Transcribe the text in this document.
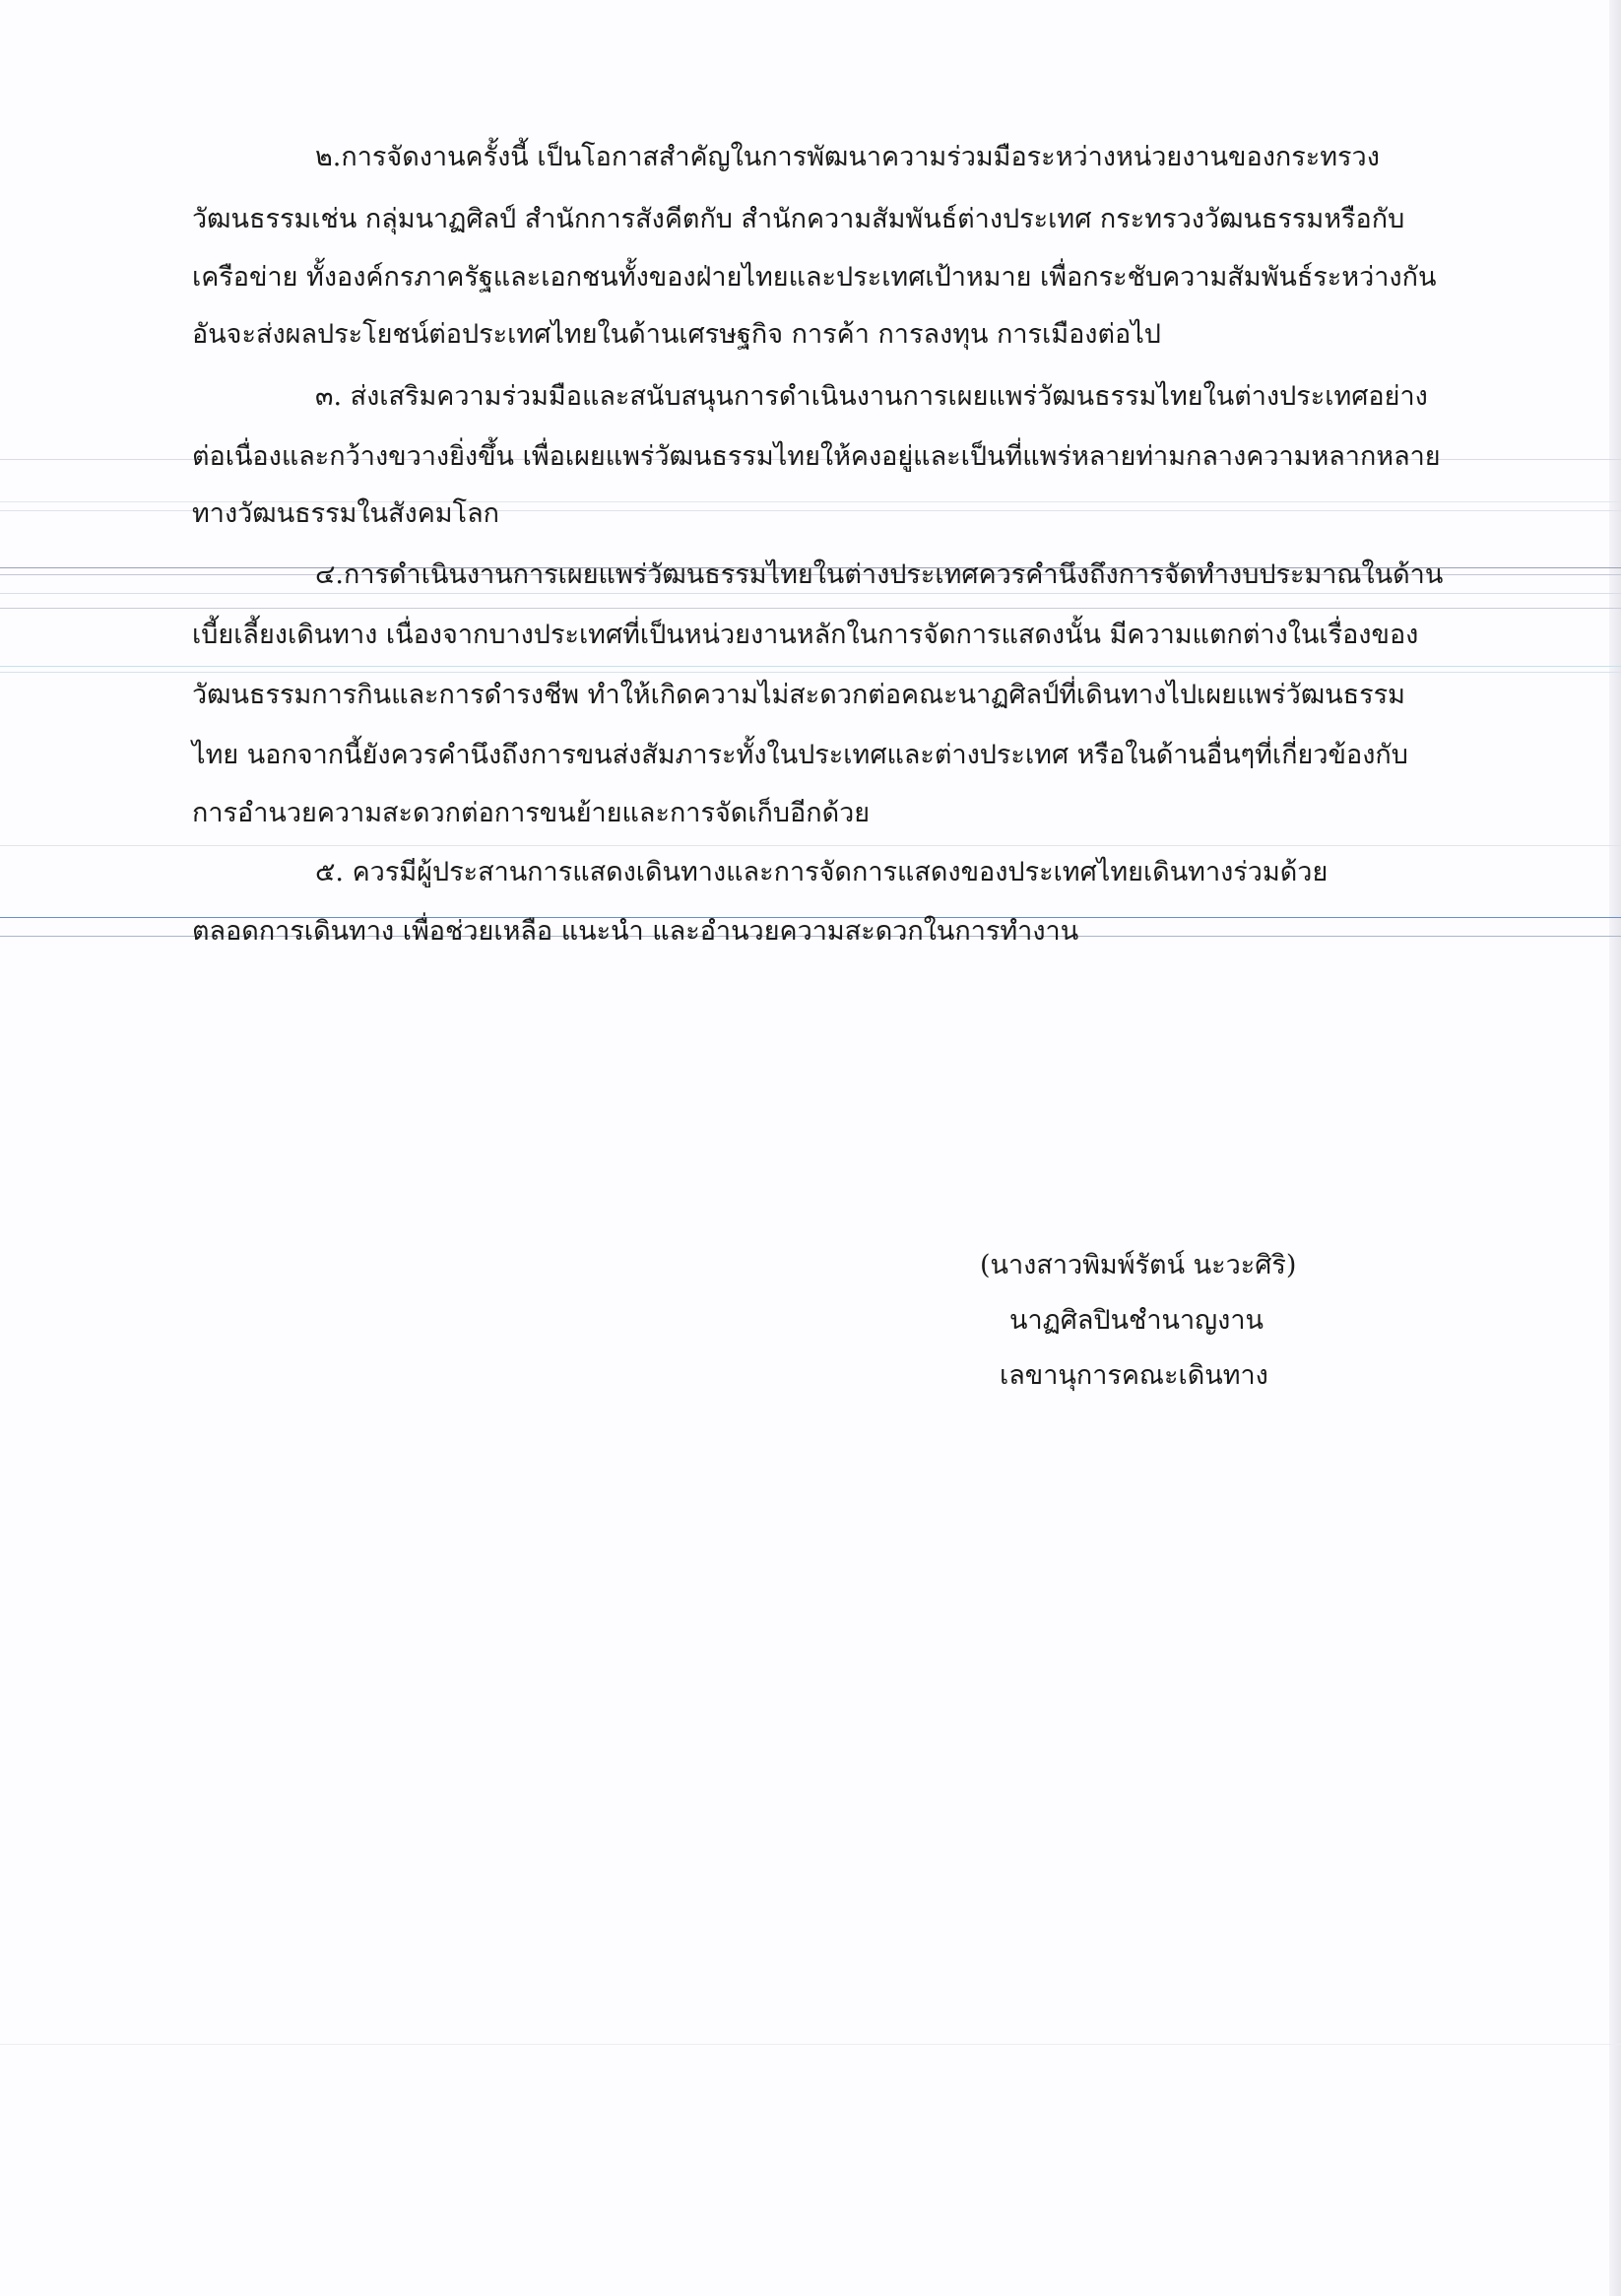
๒.การจัดงานครั้งนี้ เป็นโอกาสสำคัญในการพัฒนาความร่วมมือระหว่างหน่วยงานของกระทรวง
วัฒนธรรมเช่น กลุ่มนาฏศิลป์ สำนักการสังคีตกับ สำนักความสัมพันธ์ต่างประเทศ กระทรวงวัฒนธรรมหรือกับ
เครือข่าย ทั้งองค์กรภาครัฐและเอกชนทั้งของฝ่ายไทยและประเทศเป้าหมาย เพื่อกระชับความสัมพันธ์ระหว่างกัน
อันจะส่งผลประโยชน์ต่อประเทศไทยในด้านเศรษฐกิจ การค้า การลงทุน การเมืองต่อไป
๓. ส่งเสริมความร่วมมือและสนับสนุนการดำเนินงานการเผยแพร่วัฒนธรรมไทยในต่างประเทศอย่าง
ต่อเนื่องและกว้างขวางยิ่งขึ้น เพื่อเผยแพร่วัฒนธรรมไทยให้คงอยู่และเป็นที่แพร่หลายท่ามกลางความหลากหลาย
ทางวัฒนธรรมในสังคมโลก
๔.การดำเนินงานการเผยแพร่วัฒนธรรมไทยในต่างประเทศควรคำนึงถึงการจัดทำงบประมาณในด้าน
เบี้ยเลี้ยงเดินทาง เนื่องจากบางประเทศที่เป็นหน่วยงานหลักในการจัดการแสดงนั้น มีความแตกต่างในเรื่องของ
วัฒนธรรมการกินและการดำรงชีพ ทำให้เกิดความไม่สะดวกต่อคณะนาฏศิลป์ที่เดินทางไปเผยแพร่วัฒนธรรม
ไทย นอกจากนี้ยังควรคำนึงถึงการขนส่งสัมภาระทั้งในประเทศและต่างประเทศ หรือในด้านอื่นๆที่เกี่ยวข้องกับ
การอำนวยความสะดวกต่อการขนย้ายและการจัดเก็บอีกด้วย
๕. ควรมีผู้ประสานการแสดงเดินทางและการจัดการแสดงของประเทศไทยเดินทางร่วมด้วย
ตลอดการเดินทาง เพื่อช่วยเหลือ แนะนำ และอำนวยความสะดวกในการทำงาน
(นางสาวพิมพ์รัตน์ นะวะศิริ)
นาฏศิลปินชำนาญงาน
เลขานุการคณะเดินทาง
